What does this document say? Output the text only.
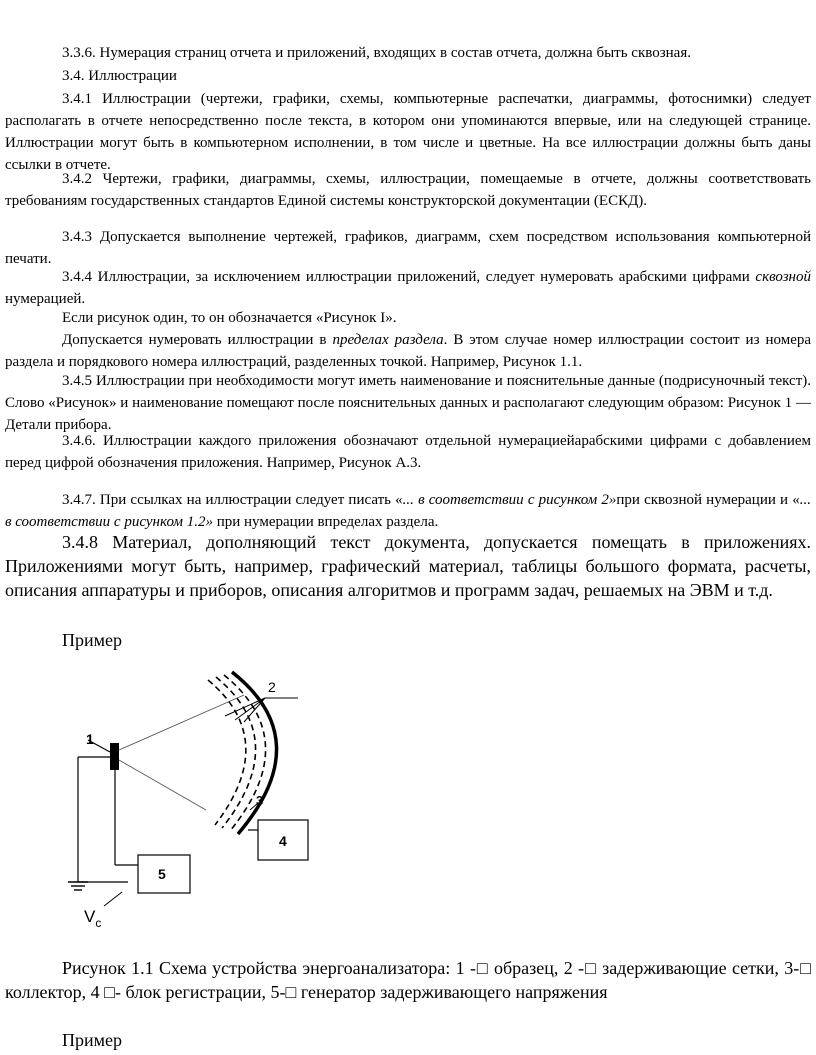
3.3.6. Нумерация страниц отчета и приложений, входящих в состав отчета, должна быть сквозная.

3.4. Иллюстрации

3.4.1 Иллюстрации (чертежи, графики, схемы, компьютерные распечатки, диаграммы, фотоснимки) следует располагать в отчете непосредственно после текста, в котором они упоминаются впервые, или на следующей странице. Иллюстрации могут быть в компьютерном исполнении, в том числе и цветные. На все иллюстрации должны быть даны ссылки в отчете.

3.4.2 Чертежи, графики, диаграммы, схемы, иллюстрации, помещаемые в отчете, должны соответствовать требованиям государственных стандартов Единой системы конструкторской документации (ЕСКД).

3.4.3 Допускается выполнение чертежей, графиков, диаграмм, схем посредством использования компьютерной печати.

3.4.4 Иллюстрации, за исключением иллюстрации приложений, следует нумеровать арабскими цифрами сквозной нумерацией.

Если рисунок один, то он обозначается «Рисунок I».

Допускается нумеровать иллюстрации в пределах раздела. В этом случае номер иллюстрации состоит из номера раздела и порядкового номера иллюстраций, разделенных точкой. Например, Рисунок 1.1.

3.4.5 Иллюстрации при необходимости могут иметь наименование и пояснительные данные (подрисуночный текст). Слово «Рисунок» и наименование помещают после пояснительных данных и располагают следующим образом: Рисунок 1 — Детали прибора.

3.4.6. Иллюстрации каждого приложения обозначают отдельной нумерациейарабскими цифрами с добавлением перед цифрой обозначения приложения. Например, Рисунок А.3.

3.4.7. При ссылках на иллюстрации следует писать «... в соответствии с рисунком 2»при сквозной нумерации и «... в соответствии с рисунком 1.2» при нумерации впределах раздела.

3.4.8 Материал, дополняющий текст документа, допускается помещать в приложениях. Приложениями могут быть, например, графический материал, таблицы большого формата, расчеты, описания аппаратуры и приборов, описания алгоритмов и программ задач, решаемых на ЭВМ и т.д.

Пример

1
2
3
4
$V_c$
5

Рисунок 1.1 Схема устройства энергоанализатора: 1 -□ образец, 2 -□ задерживающие сетки, 3-□ коллектор, 4 □- блок регистрации, 5-□ генератор задерживающего напряжения

Пример
